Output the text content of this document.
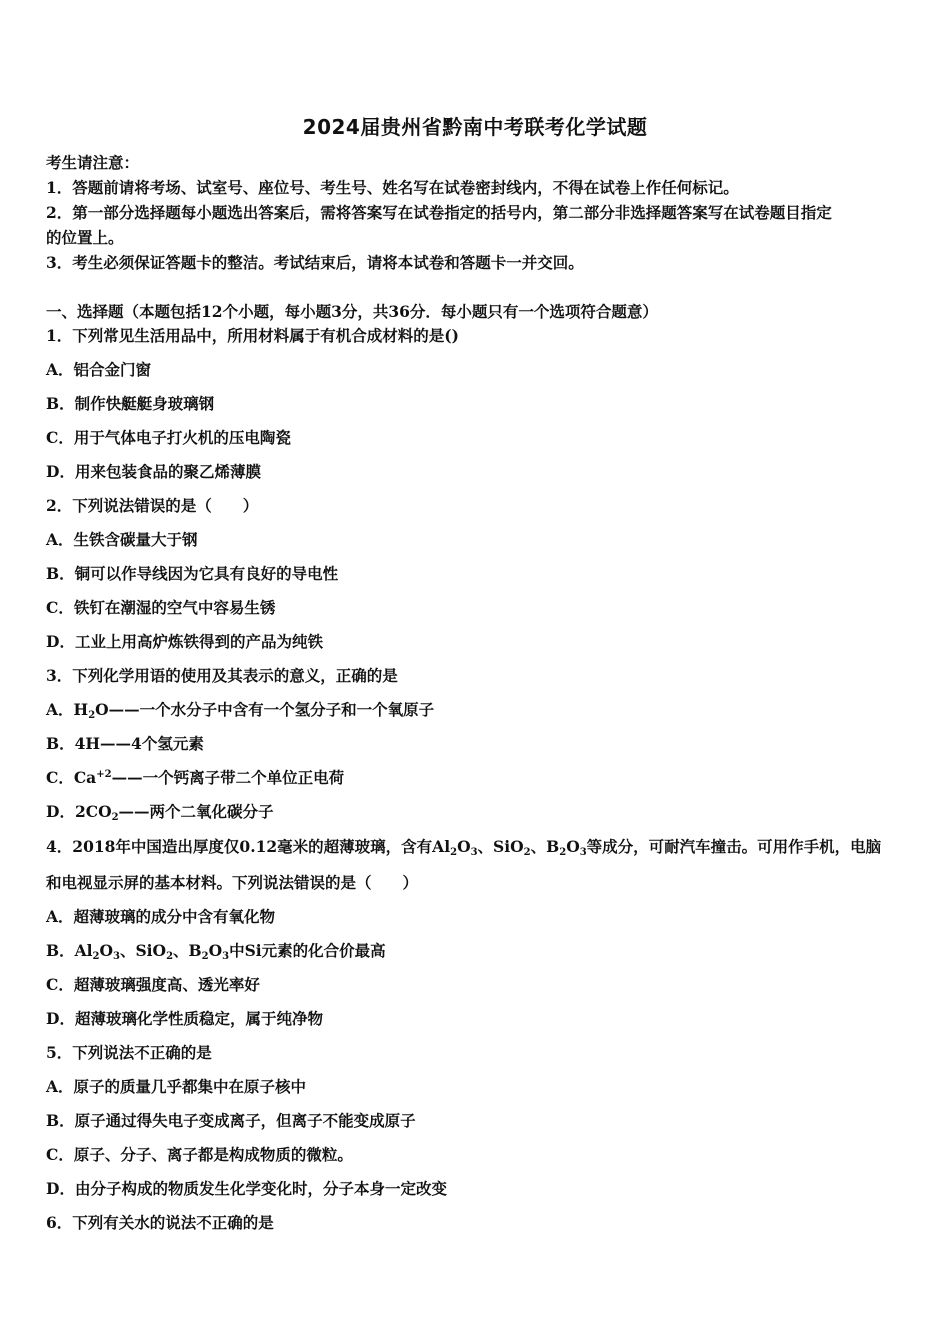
2024届贵州省黔南中考联考化学试题
考生请注意：
1．答题前请将考场、试室号、座位号、考生号、姓名写在试卷密封线内，不得在试卷上作任何标记。
2．第一部分选择题每小题选出答案后，需将答案写在试卷指定的括号内，第二部分非选择题答案写在试卷题目指定
的位置上。
3．考生必须保证答题卡的整洁。考试结束后，请将本试卷和答题卡一并交回。
一、选择题（本题包括12个小题，每小题3分，共36分．每小题只有一个选项符合题意）
1．下列常见生活用品中，所用材料属于有机合成材料的是()
A．铝合金门窗
B．制作快艇艇身玻璃钢
C．用于气体电子打火机的压电陶瓷
D．用来包装食品的聚乙烯薄膜
2．下列说法错误的是（　　）
A．生铁含碳量大于钢
B．铜可以作导线因为它具有良好的导电性
C．铁钉在潮湿的空气中容易生锈
D．工业上用高炉炼铁得到的产品为纯铁
3．下列化学用语的使用及其表示的意义，正确的是
A．$H_2O——$一个水分子中含有一个氢分子和一个氧原子
B．4H——4个氢元素
C．$Ca^{+2}——$一个钙离子带二个单位正电荷
D．$2CO_2——$两个二氧化碳分子
4．2018年中国造出厚度仅0.12毫米的超薄玻璃，含有$Al_2O_3$、SiO$_2$、$B_2O_3$等成分，可耐汽车撞击。可用作手机，电脑
和电视显示屏的基本材料。下列说法错误的是（　　）
A．超薄玻璃的成分中含有氧化物
B．$Al_2O_3$、SiO$_2$、$B_2O_3$中Si元素的化合价最高
C．超薄玻璃强度高、透光率好
D．超薄玻璃化学性质稳定，属于纯净物
5．下列说法不正确的是
A．原子的质量几乎都集中在原子核中
B．原子通过得失电子变成离子，但离子不能变成原子
C．原子、分子、离子都是构成物质的微粒。
D．由分子构成的物质发生化学变化时，分子本身一定改变
6．下列有关水的说法不正确的是
